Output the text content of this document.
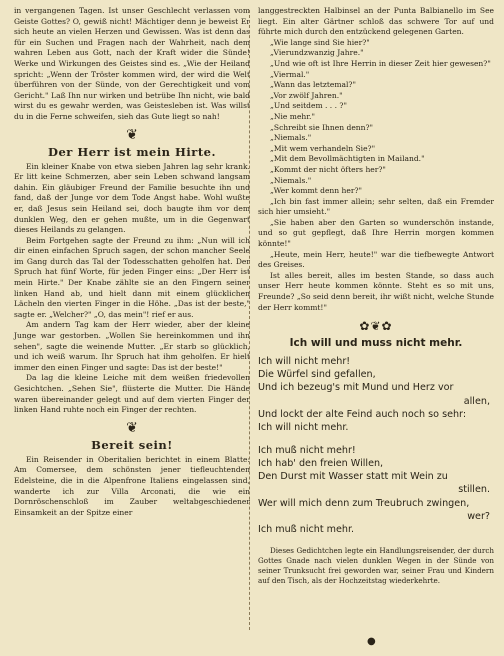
in vergangenen Tagen. Ist unser Geschlecht verlassen vom Geiste Gottes? O, gewiß nicht! Mächtiger denn je beweist Er sich heute an vielen Herzen und Gewissen. Was ist denn das für ein Suchen und Fragen nach der Wahrheit, nach dem wahren Leben aus Gott, nach der Kraft wider die Sünde! Werke und Wirkungen des Geistes sind es. „Wie der Heiland spricht: „Wenn der Tröster kommen wird, der wird die Welt überführen von der Sünde, von der Gerechtigkeit und vom Gericht." Laß Ihn nur wirken und betrübe Ihn nicht, wie bald wirst du es gewahr werden, was Geistesleben ist. Was willst du in die Ferne schweifen, sieh das Gute liegt so nah!

❦
Der Herr ist mein Hirte.

Ein kleiner Knabe von etwa sieben Jahren lag sehr krank. Er litt keine Schmerzen, aber sein Leben schwand langsam dahin. Ein gläubiger Freund der Familie besuchte ihn und fand, daß der Junge vor dem Tode Angst habe. Wohl wußte er, daß Jesus sein Heiland sei, doch baugte ihm vor dem dunklen Weg, den er gehen mußte, um in die Gegenwart dieses Heilands zu gelangen.

Beim Fortgehen sagte der Freund zu ihm: „Nun will ich dir einen einfachen Spruch sagen, der schon mancher Seele im Gang durch das Tal der Todesschatten geholfen hat. Der Spruch hat fünf Worte, für jeden Finger eins: „Der Herr ist mein Hirte." Der Knabe zählte sie an den Fingern seiner linken Hand ab, und hielt dann mit einem glücklichen Lächeln den vierten Finger in die Höhe. „Das ist der beste," sagte er. „Welcher?" „O, das mein"! rief er aus.

Am andern Tag kam der Herr wieder, aber der kleine Junge war gestorben. „Wollen Sie hereinkommen und ihn sehen", sagte die weinende Mutter. „Er starb so glücklich, und ich weiß warum. Ihr Spruch hat ihm geholfen. Er hielt immer den einen Finger und sagte: Das ist der beste!"

Da lag die kleine Leiche mit dem weißen friedevollen Gesichtchen. „Sehen Sie", flüsterte die Mutter. Die Hände waren übereinander gelegt und auf dem vierten Finger der linken Hand ruhte noch ein Finger der rechten.

❦
Bereit sein!

Ein Reisender in Oberitalien berichtet in einem Blatte: Am Comersee, dem schönsten jener tiefleuchtenden Edelsteine, die in die Alpenfrone Italiens eingelassen sind, wanderte ich zur Villa Arconati, die wie ein Dornröschenschloß im Zauber weltabgeschiedener Einsamkeit an der Spitze einer

langgestreckten Halbinsel an der Punta Balbianello im See liegt. Ein alter Gärtner schloß das schwere Tor auf und führte mich durch den entzückend gelegenen Garten.

„Wie lange sind Sie hier?"

„Vierundzwanzig Jahre."

„Und wie oft ist Ihre Herrin in dieser Zeit hier gewesen?"

„Viermal."

„Wann das letztemal?"

„Vor zwölf Jahren."

„Und seitdem . . . ?"

„Nie mehr."

„Schreibt sie Ihnen denn?"

„Niemals."

„Mit wem verhandeln Sie?"

„Mit dem Bevollmächtigten in Mailand."

„Kommt der nicht öfters her?"

„Niemals."

„Wer kommt denn her?"

„Ich bin fast immer allein; sehr selten, daß ein Fremder sich hier umsieht."

„Sie haben aber den Garten so wunderschön instande, und so gut gepflegt, daß Ihre Herrin morgen kommen könnte!"

„Heute, mein Herr, heute!" war die tiefbewegte Antwort des Greises.

Ist alles bereit, alles im besten Stande, so dass auch unser Herr heute kommen könnte. Steht es so mit uns, Freunde? „So seid denn bereit, ihr wißt nicht, welche Stunde der Herr kommt!"

✿❦✿
Ich will und muss nicht mehr.
Ich will nicht mehr!
Die Würfel sind gefallen,
Und ich bezeug's mit Mund und Herz vor
allen,
Und lockt der alte Feind auch noch so sehr:
Ich will nicht mehr.
Ich muß nicht mehr!
Ich hab' den freien Willen,
Den Durst mit Wasser statt mit Wein zu
stillen.
Wer will mich denn zum Treubruch zwingen,
wer?
Ich muß nicht mehr.

Dieses Gedichtchen legte ein Handlungsreisender, der durch Gottes Gnade nach vielen dunklen Wegen in der Sünde von seiner Trunksucht frei geworden war, seiner Frau und Kindern auf den Tisch, als der Hochzeitstag wiederkehrte.

●
